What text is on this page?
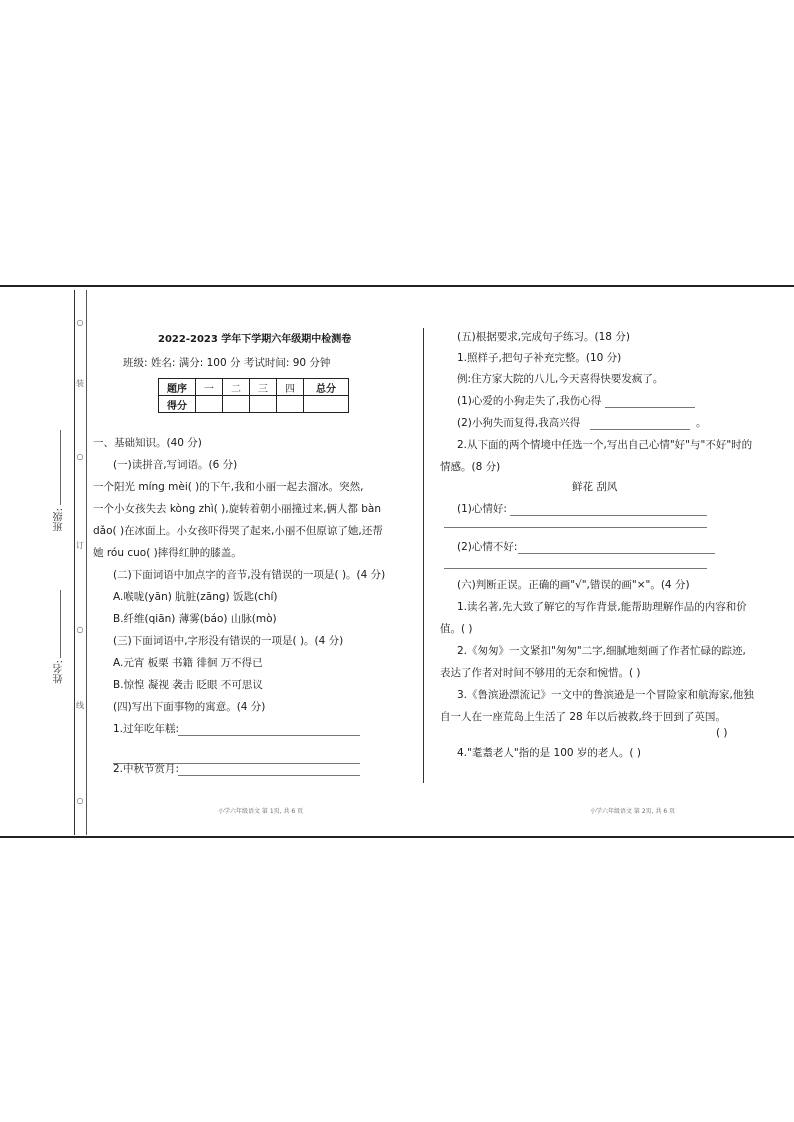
○
装
○
订
○
线
○
班级:
姓名:
2022-2023 学年下学期六年级期中检测卷
班级: 姓名: 满分: 100 分 考试时间: 90 分钟
题序	一	二	三	四	总分
得分					
一、基础知识。(40 分)
(一)读拼音,写词语。(6 分)
一个阳光 míng mèi( )的下午,我和小丽一起去溜冰。突然,
一个小女孩失去 kòng zhì( ),旋转着朝小丽撞过来,俩人都 bàn
dǎo( )在冰面上。小女孩吓得哭了起来,小丽不但原谅了她,还帮
她 róu cuo( )摔得红肿的膝盖。
(二)下面词语中加点字的音节,没有错误的一项是( )。(4 分)
A.喉咙(yān) 肮脏(zāng) 饭匙(chí)
B.纤维(qiān) 薄雾(báo) 山脉(mò)
(三)下面词语中,字形没有错误的一项是( )。(4 分)
A.元宵 板栗 书籍 徘徊 万不得已
B.惊惶 凝视 袭击 眨眼 不可思议
(四)写出下面事物的寓意。(4 分)
1.过年吃年糕:
2.中秋节赏月:
小学六年级语文 第 1页, 共 6 页
(五)根据要求,完成句子练习。(18 分)
1.照样子,把句子补充完整。(10 分)
例:住方家大院的八儿,今天喜得快要发疯了。
(1)心爱的小狗走失了,我伤心得
(2)小狗失而复得,我高兴得	。
2.从下面的两个情境中任选一个,写出自己心情"好"与"不好"时的
情感。(8 分)
鲜花 刮风
(1)心情好:
(2)心情不好:
(六)判断正误。正确的画"√",错误的画"×"。(4 分)
1.读名著,先大致了解它的写作背景,能帮助理解作品的内容和价
值。( )
2.《匆匆》一文紧扣"匆匆"二字,细腻地刻画了作者忙碌的踪迹,
表达了作者对时间不够用的无奈和惋惜。( )
3.《鲁滨逊漂流记》一文中的鲁滨逊是一个冒险家和航海家,他独
自一人在一座荒岛上生活了 28 年以后被救,终于回到了英国。
( )
4."耄耋老人"指的是 100 岁的老人。( )
小学六年级语文 第 2页, 共 6 页
